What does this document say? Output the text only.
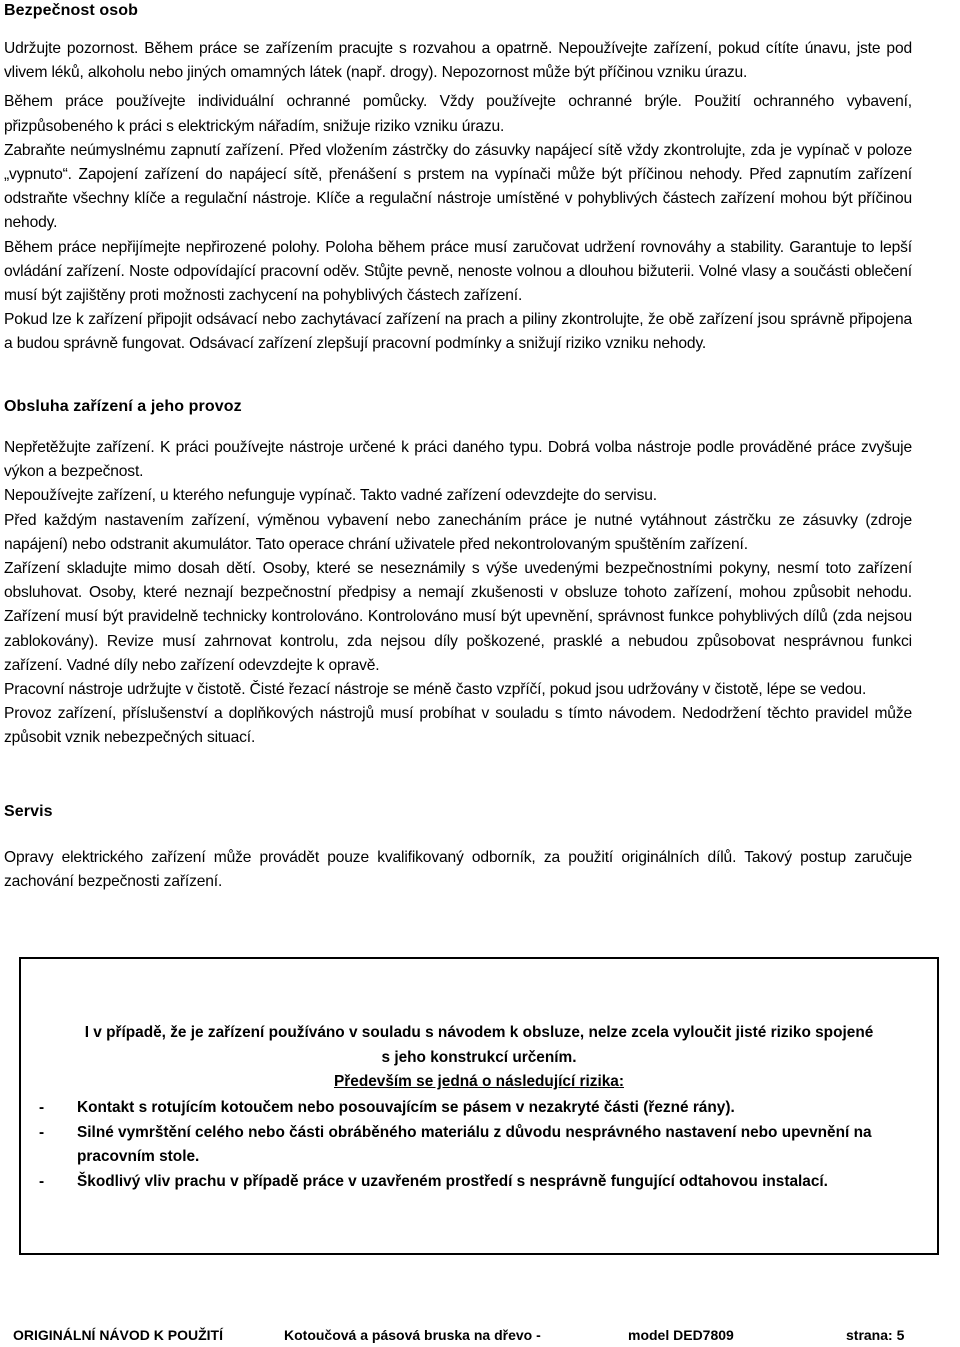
Bezpečnost osob

Udržujte pozornost. Během práce se zařízením pracujte s rozvahou a opatrně. Nepoužívejte zařízení, pokud cítíte únavu, jste pod vlivem léků, alkoholu nebo jiných omamných látek (např. drogy). Nepozornost může být příčinou vzniku úrazu.

Během práce používejte individuální ochranné pomůcky. Vždy používejte ochranné brýle. Použití ochranného vybavení, přizpůsobeného k práci s elektrickým nářadím, snižuje riziko vzniku úrazu.

Zabraňte neúmyslnému zapnutí zařízení. Před vložením zástrčky do zásuvky napájecí sítě vždy zkontrolujte, zda je vypínač v poloze „vypnuto“. Zapojení zařízení do napájecí sítě, přenášení s prstem na vypínači může být příčinou nehody. Před zapnutím zařízení odstraňte všechny klíče a regulační nástroje. Klíče a regulační nástroje umístěné v pohyblivých částech zařízení mohou být příčinou nehody.

Během práce nepřijímejte nepřirozené polohy. Poloha během práce musí zaručovat udržení rovnováhy a stability. Garantuje to lepší ovládání zařízení. Noste odpovídající pracovní oděv. Stůjte pevně, nenoste volnou a dlouhou bižuterii. Volné vlasy a součásti oblečení musí být zajištěny proti možnosti zachycení na pohyblivých částech zařízení.

Pokud lze k zařízení připojit odsávací nebo zachytávací zařízení na prach a piliny zkontrolujte, že obě zařízení jsou správně připojena a budou správně fungovat. Odsávací zařízení zlepšují pracovní podmínky a snižují riziko vzniku nehody.

Obsluha zařízení a jeho provoz

Nepřetěžujte zařízení. K práci používejte nástroje určené k práci daného typu. Dobrá volba nástroje podle prováděné práce zvyšuje výkon a bezpečnost.

Nepoužívejte zařízení, u kterého nefunguje vypínač. Takto vadné zařízení odevzdejte do servisu.

Před každým nastavením zařízení, výměnou vybavení nebo zanecháním práce je nutné vytáhnout zástrčku ze zásuvky (zdroje napájení) nebo odstranit akumulátor. Tato operace chrání uživatele před nekontrolovaným spuštěním zařízení.

Zařízení skladujte mimo dosah dětí. Osoby, které se neseznámily s výše uvedenými bezpečnostními pokyny, nesmí toto zařízení obsluhovat. Osoby, které neznají bezpečnostní předpisy a nemají zkušenosti v obsluze tohoto zařízení, mohou způsobit nehodu. Zařízení musí být pravidelně technicky kontrolováno. Kontrolováno musí být upevnění, správnost funkce pohyblivých dílů (zda nejsou zablokovány). Revize musí zahrnovat kontrolu, zda nejsou díly poškozené, prasklé a nebudou způsobovat nesprávnou funkci zařízení. Vadné díly nebo zařízení odevzdejte k opravě.

Pracovní nástroje udržujte v čistotě. Čisté řezací nástroje se méně často vzpříčí, pokud jsou udržovány v čistotě, lépe se vedou.

Provoz zařízení, příslušenství a doplňkových nástrojů musí probíhat v souladu s tímto návodem. Nedodržení těchto pravidel může způsobit vznik nebezpečných situací.

Servis

Opravy elektrického zařízení může provádět pouze kvalifikovaný odborník, za použití originálních dílů. Takový postup zaručuje zachování bezpečnosti zařízení.

I v případě, že je zařízení používáno v souladu s návodem k obsluze, nelze zcela vyloučit jisté riziko spojené
s jeho konstrukcí určením.
Především se jedná o následující rizika:
- Kontakt s rotujícím kotoučem nebo posouvajícím se pásem v nezakryté části (řezné rány).
- Silné vymrštění celého nebo části obráběného materiálu z důvodu nesprávného nastavení nebo upevnění na pracovním stole.
- Škodlivý vliv prachu v případě práce v uzavřeném prostředí s nesprávně fungující odtahovou instalací.
ORIGINÁLNÍ NÁVOD K POUŽITÍ	Kotoučová a pásová bruska na dřevo -	model DED7809	strana: 5
